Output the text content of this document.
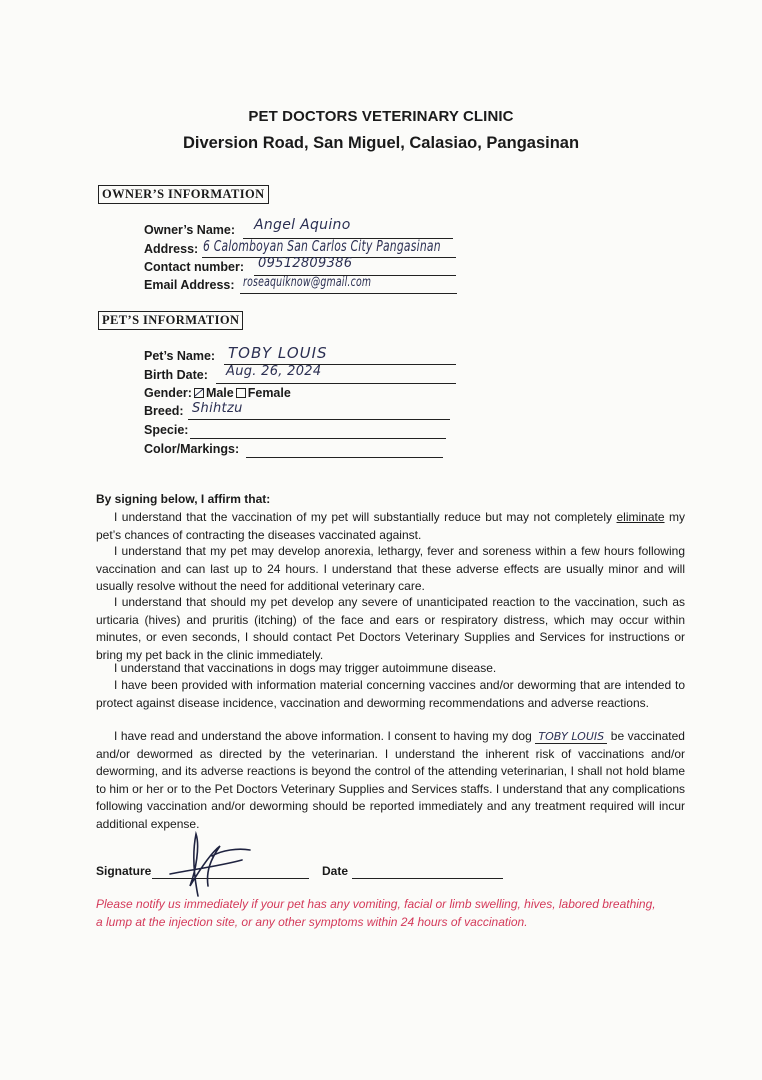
PET DOCTORS VETERINARY CLINIC
Diversion Road, San Miguel, Calasiao, Pangasinan
OWNER’S INFORMATION
Owner’s Name: Angel Aquino
Address: 6 Calomboyan San Carlos City Pangasinan
Contact number: 09512809386
Email Address: roseaquiknow@gmail.com
PET’S INFORMATION
Pet’s Name: TOBY LOUIS
Birth Date: Aug. 26, 2024
Gender: Male Female
Breed: Shihtzu
Specie:
Color/Markings:
By signing below, I affirm that:
I understand that the vaccination of my pet will substantially reduce but may not completely eliminate my pet’s chances of contracting the diseases vaccinated against.
I understand that my pet may develop anorexia, lethargy, fever and soreness within a few hours following vaccination and can last up to 24 hours. I understand that these adverse effects are usually minor and will usually resolve without the need for additional veterinary care.
I understand that should my pet develop any severe of unanticipated reaction to the vaccination, such as urticaria (hives) and pruritis (itching) of the face and ears or respiratory distress, which may occur within minutes, or even seconds, I should contact Pet Doctors Veterinary Supplies and Services for instructions or bring my pet back in the clinic immediately.
I understand that vaccinations in dogs may trigger autoimmune disease.
I have been provided with information material concerning vaccines and/or deworming that are intended to protect against disease incidence, vaccination and deworming recommendations and adverse reactions.
I have read and understand the above information. I consent to having my dog TOBY LOUIS be vaccinated and/or dewormed as directed by the veterinarian. I understand the inherent risk of vaccinations and/or deworming, and its adverse reactions is beyond the control of the attending veterinarian, I shall not hold blame to him or her or to the Pet Doctors Veterinary Supplies and Services staffs. I understand that any complications following vaccination and/or deworming should be reported immediately and any treatment required will incur additional expense.
Signature	Date
Please notify us immediately if your pet has any vomiting, facial or limb swelling, hives, labored breathing, a lump at the injection site, or any other symptoms within 24 hours of vaccination.
